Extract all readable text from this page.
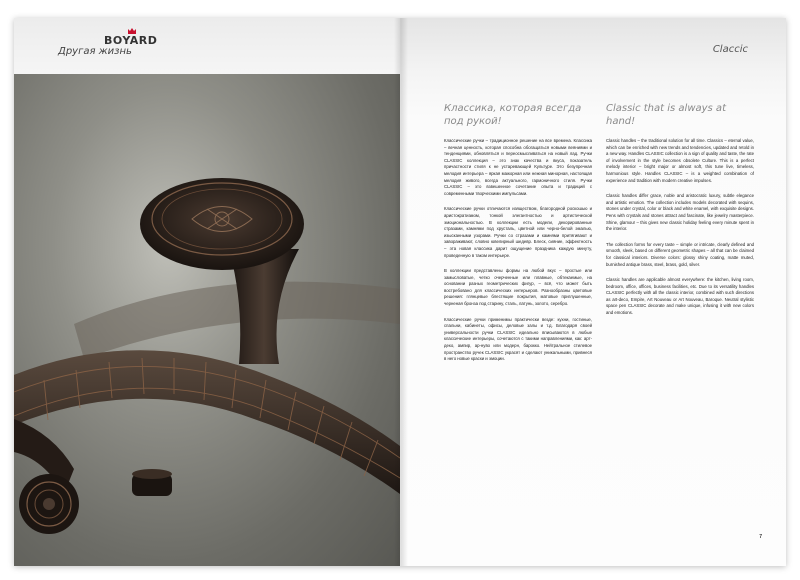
BOYARD
Другая жизнь	Claccic
Классика, которая всегда под рукой!

Классические ручки – традиционное решение на все времена. Классика – вечная ценность, которая способна обогащаться новыми веяниями и тенденциями, обновляться и переосмысливаться на новый лад. Ручки CLASSIC коллекция – это знак качества и вкуса, показатель причастности стиля к не устаревающей Культуре. Это безупречная мелодия интерьера – яркая мажорная или нежная минорная, настоящая мелодия живого, всегда актуального, гармоничного стиля. Ручки CLASSIC – это взвешенное сочетание опыта и традиций с современными творческими импульсами.

Классические ручки отличаются изяществом, благородной роскошью и аристократизмом, тонкой элегантностью и артистической эмоциональностью. В коллекции есть модели, декорированные стразами, камнями под хрусталь, цветной или черно-белой эмалью, изысканными узорами. Ручки со стразами и камнями притягивают и завораживают, словно ювелирный шедевр. Блеск, сияние, эффектность – эта новая классика дарит ощущение праздника каждую минуту, проведенную в таком интерьере.

В коллекции представлены формы на любой вкус – простые или замысловатые, четко очерченные или плавные, обтекаемые, на основании разных геометрических фигур, – всё, что может быть востребовано для классических интерьеров. Разнообразны цветовые решения: глянцевые блестящие покрытия, матовые приглушенные, черненая бронза под старину, сталь, латунь, золото, серебро.

Классические ручки применимы практически везде: кухни, гостиные, спальни, кабинеты, офисы, деловые залы и т.д. Благодаря своей универсальности ручки CLASSIC идеально вписываются в любые классические интерьеры, сочетаются с такими направлениями, как: арт-деко, ампир, ар-нуво или модерн, барокко. Нейтральное стилевое пространство ручек CLASSIC украсят и сделают уникальными, привнеся в него новые краски и эмоции.

Classic that is always at hand!

Classic handles – the traditional solution for all time. Classics – eternal value, which can be enriched with new trends and tendencies, updated and retold in a new way. Handles CLASSIC collection is a sign of quality and taste, the rate of involvement in the style becomes obsolete Culture. This is a perfect melody interior – bright major or almost soft, this tune live, timeless, harmonious style. Handles CLASSIC – is a weighted combination of experience and tradition with modern creative impulses.

Classic handles differ grace, noble and aristocratic luxury, subtle elegance and artistic emotion. The collection includes models decorated with sequins, stones under crystal, color or black and white enamel, with exquisite designs. Pens with crystals and stones attract and fascinate, like jewelry masterpiece. Shine, glamour – this gives new classic holiday feeling every minute spent in the interior.

The collection forms for every taste – simple or intricate, clearly defined and smooth, sleek, based on different geometric shapes – all that can be claimed for classical interiors. Diverse colors: glossy shiny coating, matte muted, burnished antique brass, steel, brass, gold, silver.

Classic handles are applicable almost everywhere: the kitchen, living room, bedroom, office, offices, business facilities, etc. Due to its versatility handles CLASSIC perfectly with all the classic interior, combined with such directions as art-deco, Empire, Art Nouveau or Art Nouveau, Baroque. Neutral stylistic space pen CLASSIC decorate and make unique, infusing it with new colors and emotions.

7
